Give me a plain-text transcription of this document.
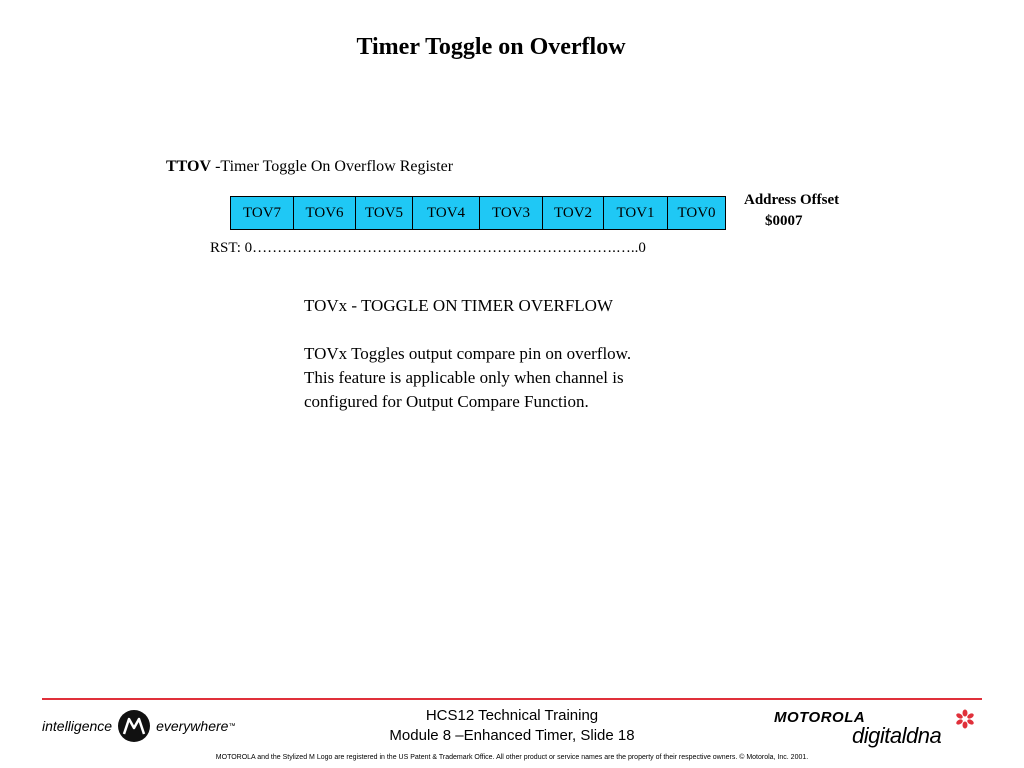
Timer Toggle on Overflow
TTOV -Timer Toggle On Overflow Register
TOV7	TOV6	TOV5	TOV4	TOV3	TOV2	TOV1	TOV0
Address Offset
$0007
RST: 0……………………………………………………………….…..0

TOVx - TOGGLE ON TIMER OVERFLOW

TOVx Toggles output compare pin on overflow.
This feature is applicable only when channel is
configured for Output Compare Function.
intelligence	everywhere ™
HCS12 Technical Training
Module 8 –Enhanced Timer, Slide 18
MOTOROLA
digitaldna
MOTOROLA and the Stylized M Logo are registered in the US Patent & Trademark Office. All other product or service names are the property of their respective owners. © Motorola, Inc. 2001.
